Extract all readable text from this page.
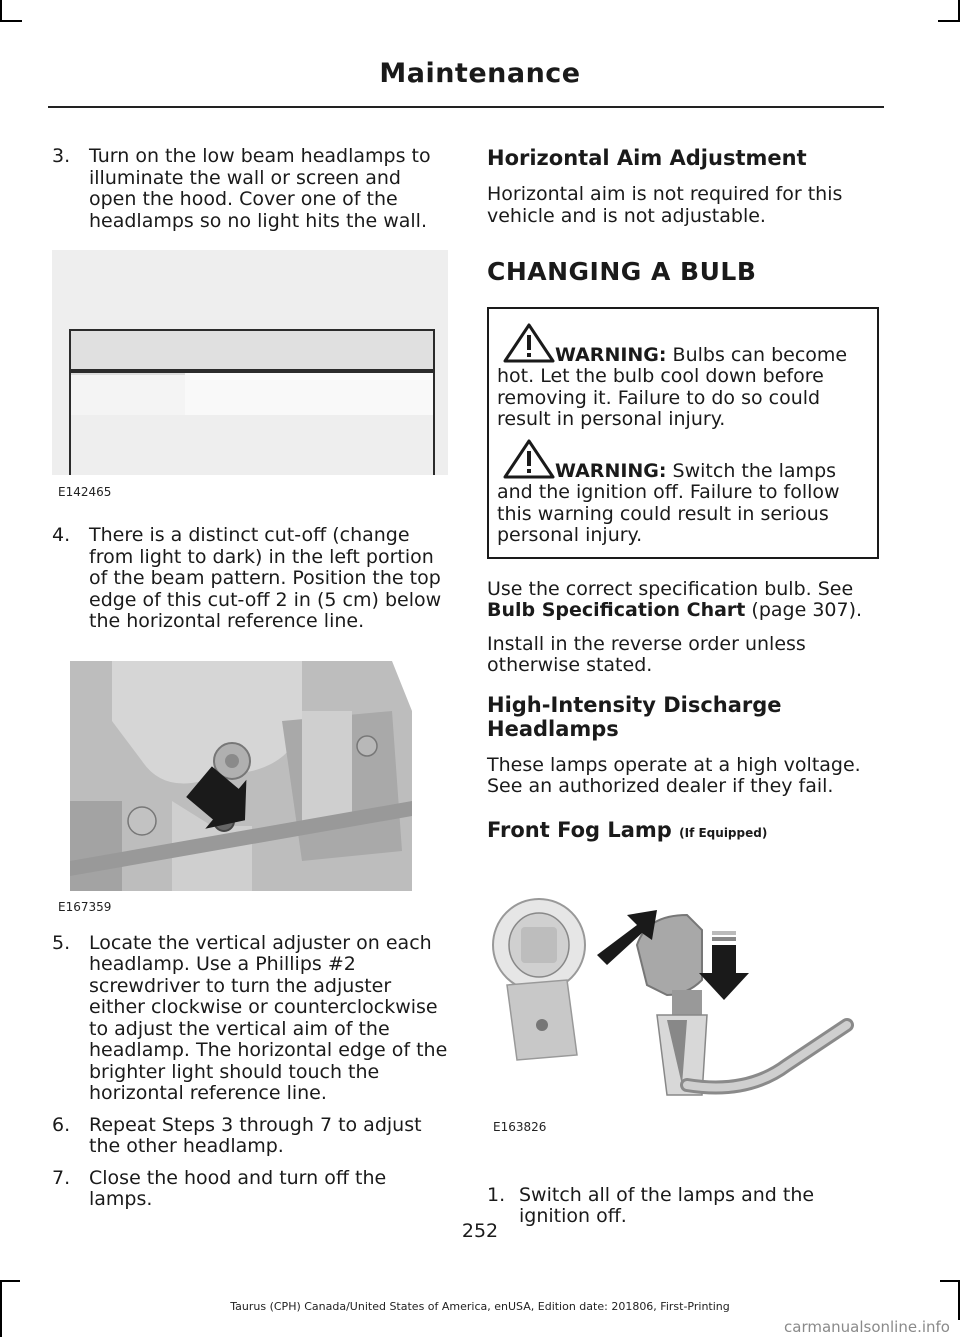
Maintenance
3. Turn on the low beam headlamps to illuminate the wall or screen and open the hood. Cover one of the headlamps so no light hits the wall.
E142465
4. There is a distinct cut-off (change from light to dark) in the left portion of the beam pattern. Position the top edge of this cut-off 2 in (5 cm) below the horizontal reference line.
E167359
5. Locate the vertical adjuster on each headlamp. Use a Phillips #2 screwdriver to turn the adjuster either clockwise or counterclockwise to adjust the vertical aim of the headlamp. The horizontal edge of the brighter light should touch the horizontal reference line.
6. Repeat Steps 3 through 7 to adjust the other headlamp.
7. Close the hood and turn off the lamps.
Horizontal Aim Adjustment

Horizontal aim is not required for this vehicle and is not adjustable.

CHANGING A BULB
WARNING: Bulbs can become hot. Let the bulb cool down before removing it. Failure to do so could result in personal injury.
WARNING: Switch the lamps and the ignition off. Failure to follow this warning could result in serious personal injury.

Use the correct specification bulb. See Bulb Specification Chart (page 307).

Install in the reverse order unless otherwise stated.

High-Intensity Discharge Headlamps

These lamps operate at a high voltage. See an authorized dealer if they fail.

Front Fog Lamp (If Equipped)
E163826
1. Switch all of the lamps and the ignition off.
252
Taurus (CPH) Canada/United States of America, enUSA, Edition date: 201806, First-Printing
carmanualsonline.info
